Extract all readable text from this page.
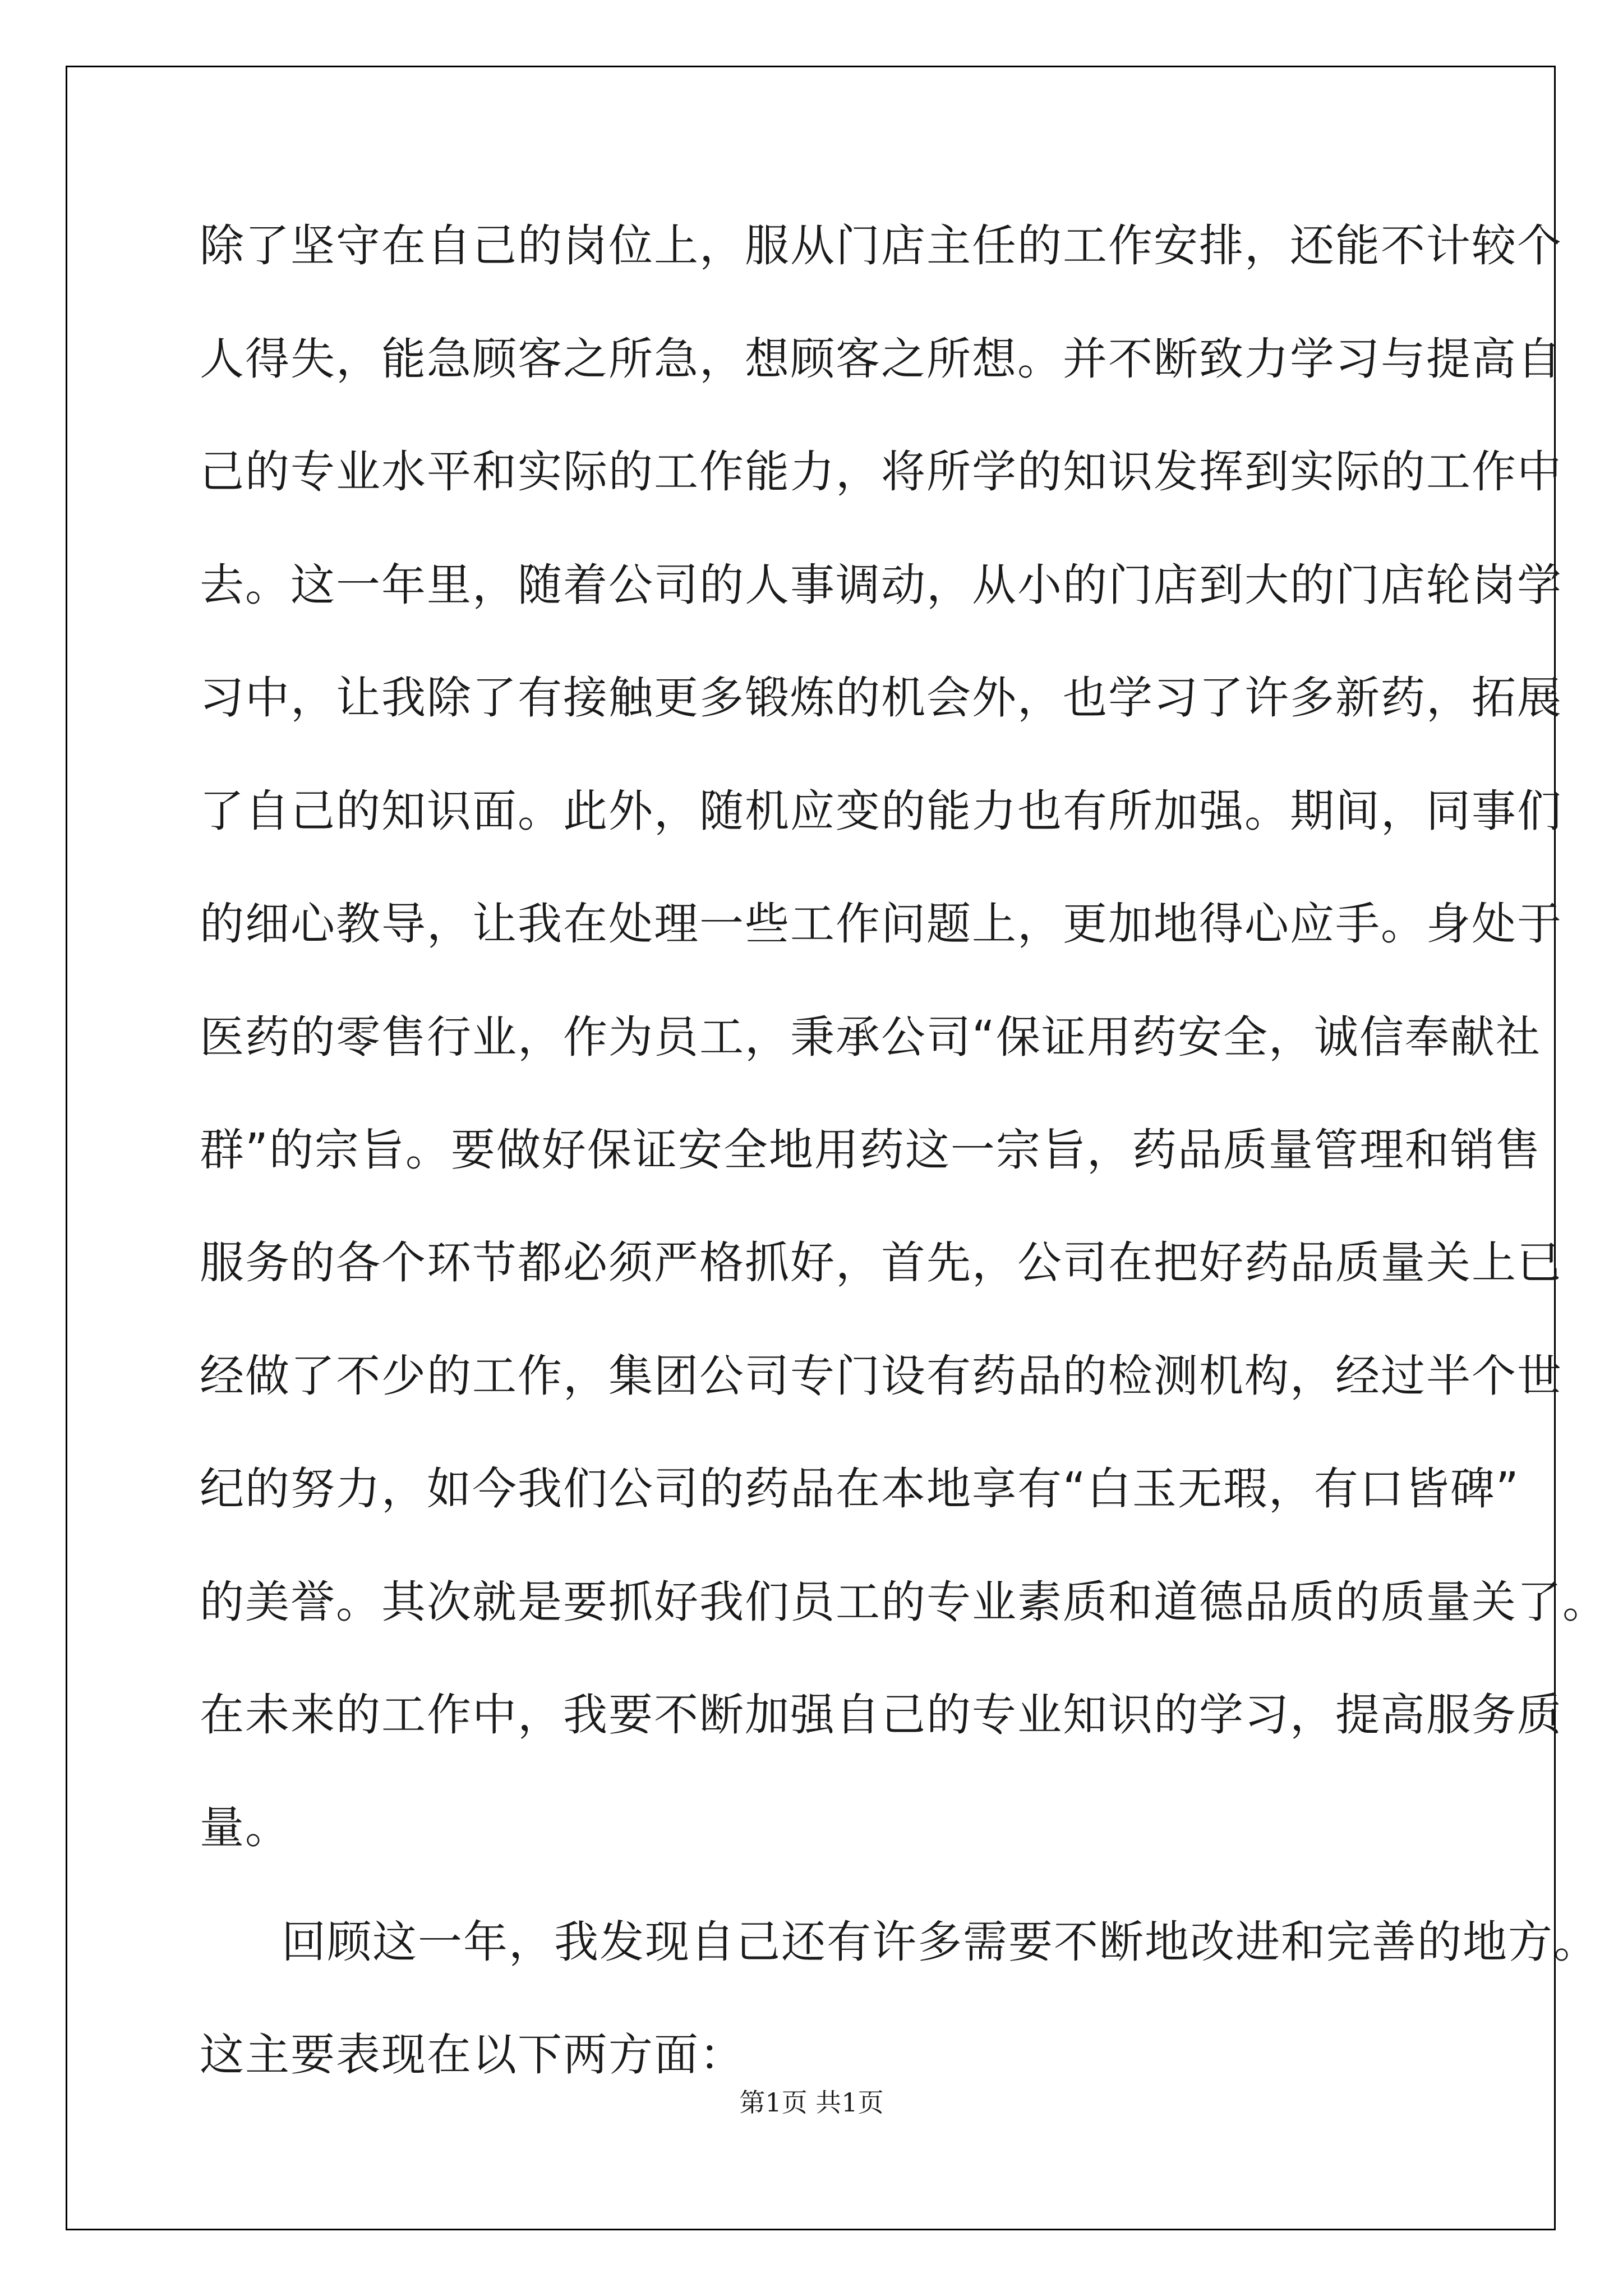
除了坚守在自己的岗位上，服从门店主任的工作安排，还能不计较个
人得失，能急顾客之所急，想顾客之所想。并不断致力学习与提高自
己的专业水平和实际的工作能力，将所学的知识发挥到实际的工作中
去。这一年里，随着公司的人事调动，从小的门店到大的门店轮岗学
习中，让我除了有接触更多锻炼的机会外，也学习了许多新药，拓展
了自己的知识面。此外，随机应变的能力也有所加强。期间，同事们
的细心教导，让我在处理一些工作问题上，更加地得心应手。身处于
医药的零售行业，作为员工，秉承公司“保证用药安全，诚信奉献社
群”的宗旨。要做好保证安全地用药这一宗旨，药品质量管理和销售
服务的各个环节都必须严格抓好，首先，公司在把好药品质量关上已
经做了不少的工作，集团公司专门设有药品的检测机构，经过半个世
纪的努力，如今我们公司的药品在本地享有“白玉无瑕，有口皆碑”
的美誉。其次就是要抓好我们员工的专业素质和道德品质的质量关了。
在未来的工作中，我要不断加强自己的专业知识的学习，提高服务质
量。
回顾这一年，我发现自己还有许多需要不断地改进和完善的地方。
这主要表现在以下两方面：
第1页 共1页
